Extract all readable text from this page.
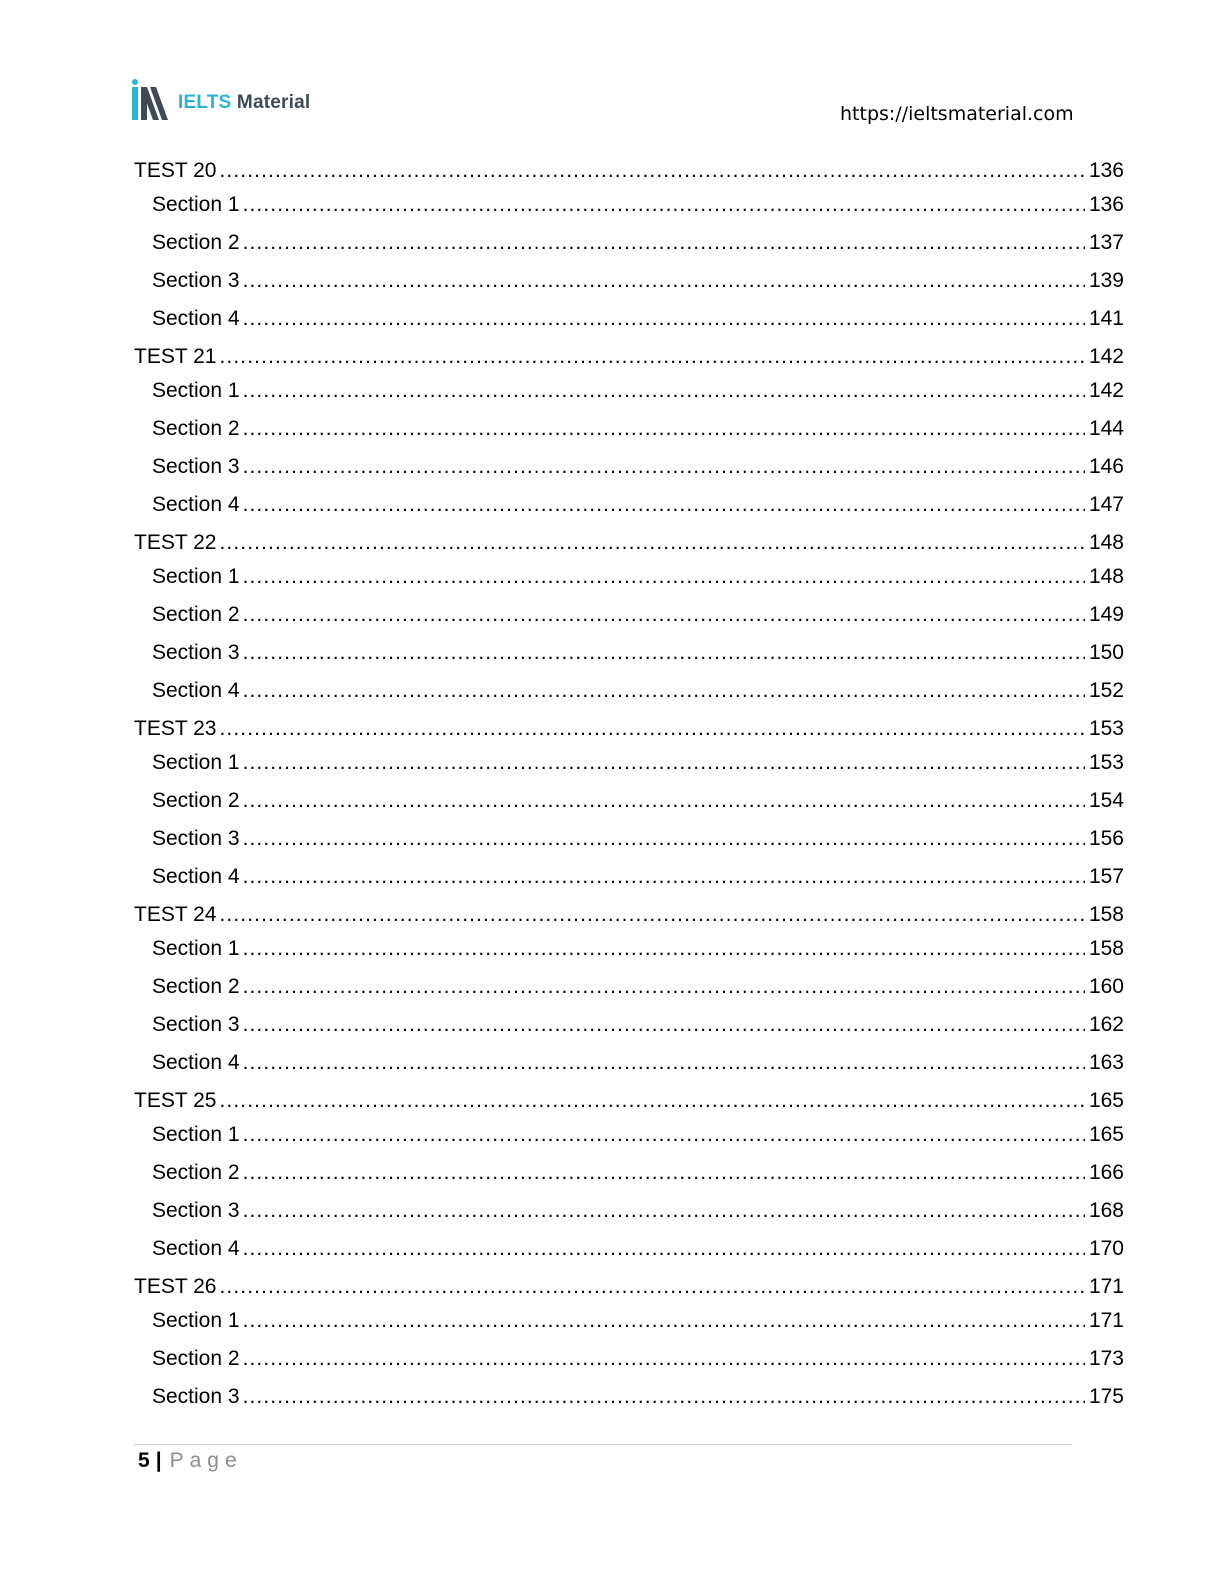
IELTS Material
https://ieltsmaterial.com
TEST 20 .....	136
Section 1 .....	136
Section 2 .....	137
Section 3 .....	139
Section 4 .....	141
TEST 21 .....	142
Section 1 .....	142
Section 2 .....	144
Section 3 .....	146
Section 4 .....	147
TEST 22 .....	148
Section 1 .....	148
Section 2 .....	149
Section 3 .....	150
Section 4 .....	152
TEST 23 .....	153
Section 1 .....	153
Section 2 .....	154
Section 3 .....	156
Section 4 .....	157
TEST 24 .....	158
Section 1 .....	158
Section 2 .....	160
Section 3 .....	162
Section 4 .....	163
TEST 25 .....	165
Section 1 .....	165
Section 2 .....	166
Section 3 .....	168
Section 4 .....	170
TEST 26 .....	171
Section 1 .....	171
Section 2 .....	173
Section 3 .....	175
5 | Page
